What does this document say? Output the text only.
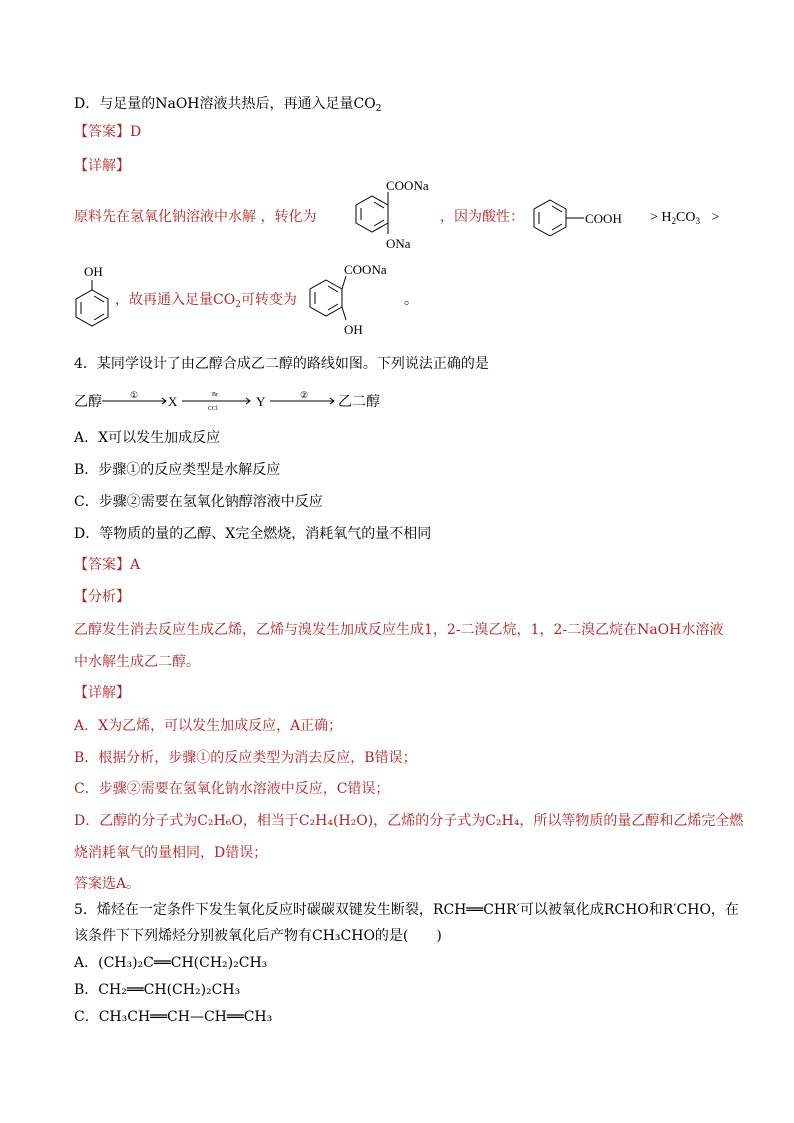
D．与足量的NaOH溶液共热后，再通入足量$CO_2$
【答案】D
【详解】
原料先在氢氧化钠溶液中水解 ，转化为
COONa
ONa
，因为酸性：	COOH > $H_2CO_3$ >
OH
，故再通入足量$CO_2$可转变为
COONa
OH
。
4．某同学设计了由乙醇合成乙二醇的路线如图。下列说法正确的是
乙醇	① X	Br
CCl	Y	② 乙二醇
A．X可以发生加成反应
B．步骤①的反应类型是水解反应
C．步骤②需要在氢氧化钠醇溶液中反应
D．等物质的量的乙醇、X完全燃烧，消耗氧气的量不相同
【答案】A
【分析】
乙醇发生消去反应生成乙烯，乙烯与溴发生加成反应生成1，2-二溴乙烷，1，2-二溴乙烷在NaOH水溶液
中水解生成乙二醇。
【详解】
A．X为乙烯，可以发生加成反应，A正确；
B．根据分析，步骤①的反应类型为消去反应，B错误；
C．步骤②需要在氢氧化钠水溶液中反应，C错误；
D．乙醇的分子式为C₂H₆O，相当于C₂H₄(H₂O)，乙烯的分子式为C₂H₄，所以等物质的量乙醇和乙烯完全燃
烧消耗氧气的量相同，D错误；
答案选A。
5．烯烃在一定条件下发生氧化反应时碳碳双键发生断裂，RCH══CHR′可以被氧化成RCHO和R′CHO，在
该条件下下列烯烃分别被氧化后产物有CH₃CHO的是(　　)
A．(CH₃)₂C══CH(CH₂)₂CH₃
B．CH₂══CH(CH₂)₂CH₃
C．CH₃CH══CH—CH══CH₃
